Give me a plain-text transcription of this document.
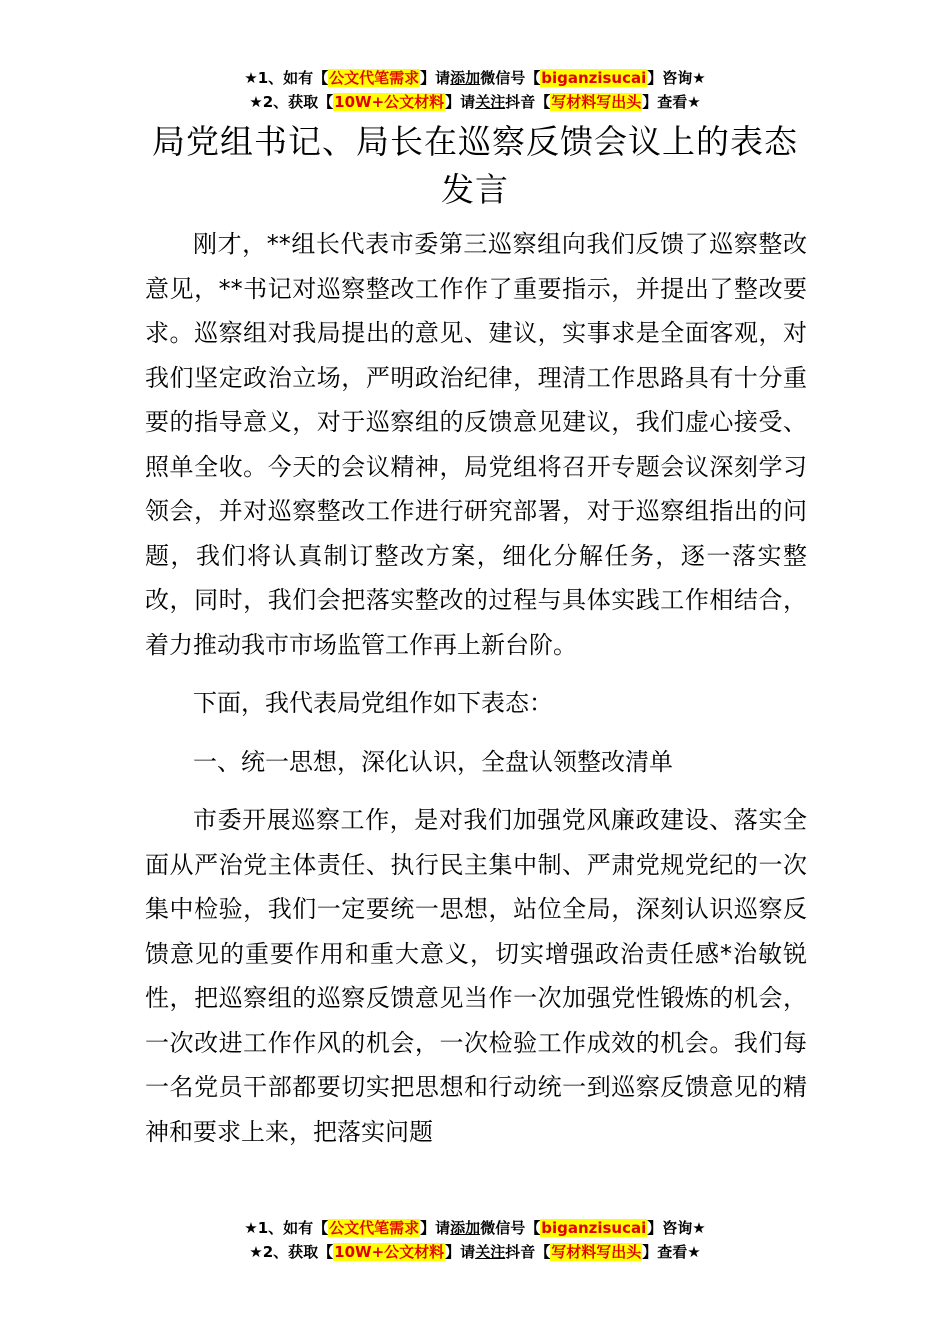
★1、如有【公文代笔需求】请添加微信号【biganzisucai】咨询★
★2、获取【10W+公文材料】请关注抖音【写材料写出头】查看★
局党组书记、局长在巡察反馈会议上的表态
发言

刚才，**组长代表市委第三巡察组向我们反馈了巡察整改意见，**书记对巡察整改工作作了重要指示，并提出了整改要求。巡察组对我局提出的意见、建议，实事求是全面客观，对我们坚定政治立场，严明政治纪律，理清工作思路具有十分重要的指导意义，对于巡察组的反馈意见建议，我们虚心接受、照单全收。今天的会议精神，局党组将召开专题会议深刻学习领会，并对巡察整改工作进行研究部署，对于巡察组指出的问题，我们将认真制订整改方案，细化分解任务，逐一落实整改，同时，我们会把落实整改的过程与具体实践工作相结合，着力推动我市市场监管工作再上新台阶。

下面，我代表局党组作如下表态：

一、统一思想，深化认识，全盘认领整改清单

市委开展巡察工作，是对我们加强党风廉政建设、落实全面从严治党主体责任、执行民主集中制、严肃党规党纪的一次集中检验，我们一定要统一思想，站位全局，深刻认识巡察反馈意见的重要作用和重大意义，切实增强政治责任感*治敏锐性，把巡察组的巡察反馈意见当作一次加强党性锻炼的机会，一次改进工作作风的机会，一次检验工作成效的机会。我们每一名党员干部都要切实把思想和行动统一到巡察反馈意见的精神和要求上来，把落实问题

★1、如有【公文代笔需求】请添加微信号【biganzisucai】咨询★
★2、获取【10W+公文材料】请关注抖音【写材料写出头】查看★
